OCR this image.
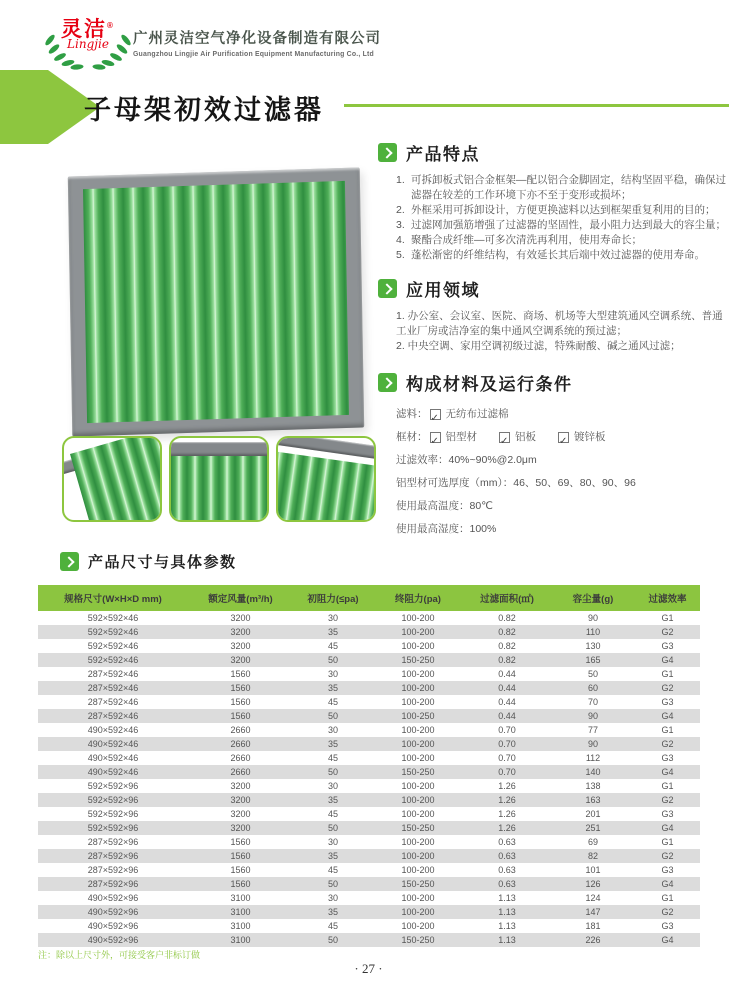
灵洁®
Lingjie	广州灵洁空气净化设备制造有限公司
Guangzhou Lingjie Air Purification Equipment Manufacturing Co., Ltd
子母架初效过滤器
产品特点
1. 可拆卸板式铝合金框架—配以铝合金脚固定，结构坚固平稳，确保过滤器在较差的工作环境下亦不至于变形或损坏；
2. 外框采用可拆卸设计，方便更换滤料以达到框架重复利用的目的；
3. 过滤网加强筋增强了过滤器的坚固性，最小阻力达到最大的容尘量；
4. 聚酯合成纤维—可多次清洗再利用，使用寿命长；
5. 蓬松渐密的纤维结构，有效延长其后端中效过滤器的使用寿命。
应用领域
1. 办公室、会议室、医院、商场、机场等大型建筑通风空调系统、普通工业厂房或洁净室的集中通风空调系统的预过滤；
2. 中央空调、家用空调初级过滤，特殊耐酸、碱之通风过滤；
构成材料及运行条件
滤料： ✓ 无纺布过滤棉
框材： ✓ 铝型材 ✓	铝板 ✓	镀锌板
过滤效率： 40%~90%@2.0μm
铝型材可选厚度（mm）： 46、50、69、80、90、96
使用最高温度： 80℃
使用最高湿度： 100%
产品尺寸与具体参数
规格尺寸(W×H×D mm)	额定风量(m³/h)	初阻力(≤pa)	终阻力(pa)	过滤面积(㎡)	容尘量(g)	过滤效率
592×592×46	3200	30	100-200	0.82	90	G1
592×592×46	3200	35	100-200	0.82	110	G2
592×592×46	3200	45	100-200	0.82	130	G3
592×592×46	3200	50	150-250	0.82	165	G4
287×592×46	1560	30	100-200	0.44	50	G1
287×592×46	1560	35	100-200	0.44	60	G2
287×592×46	1560	45	100-200	0.44	70	G3
287×592×46	1560	50	100-250	0.44	90	G4
490×592×46	2660	30	100-200	0.70	77	G1
490×592×46	2660	35	100-200	0.70	90	G2
490×592×46	2660	45	100-200	0.70	112	G3
490×592×46	2660	50	150-250	0.70	140	G4
592×592×96	3200	30	100-200	1.26	138	G1
592×592×96	3200	35	100-200	1.26	163	G2
592×592×96	3200	45	100-200	1.26	201	G3
592×592×96	3200	50	150-250	1.26	251	G4
287×592×96	1560	30	100-200	0.63	69	G1
287×592×96	1560	35	100-200	0.63	82	G2
287×592×96	1560	45	100-200	0.63	101	G3
287×592×96	1560	50	150-250	0.63	126	G4
490×592×96	3100	30	100-200	1.13	124	G1
490×592×96	3100	35	100-200	1.13	147	G2
490×592×96	3100	45	100-200	1.13	181	G3
490×592×96	3100	50	150-250	1.13	226	G4
注：除以上尺寸外，可接受客户非标订做
· 27 ·
